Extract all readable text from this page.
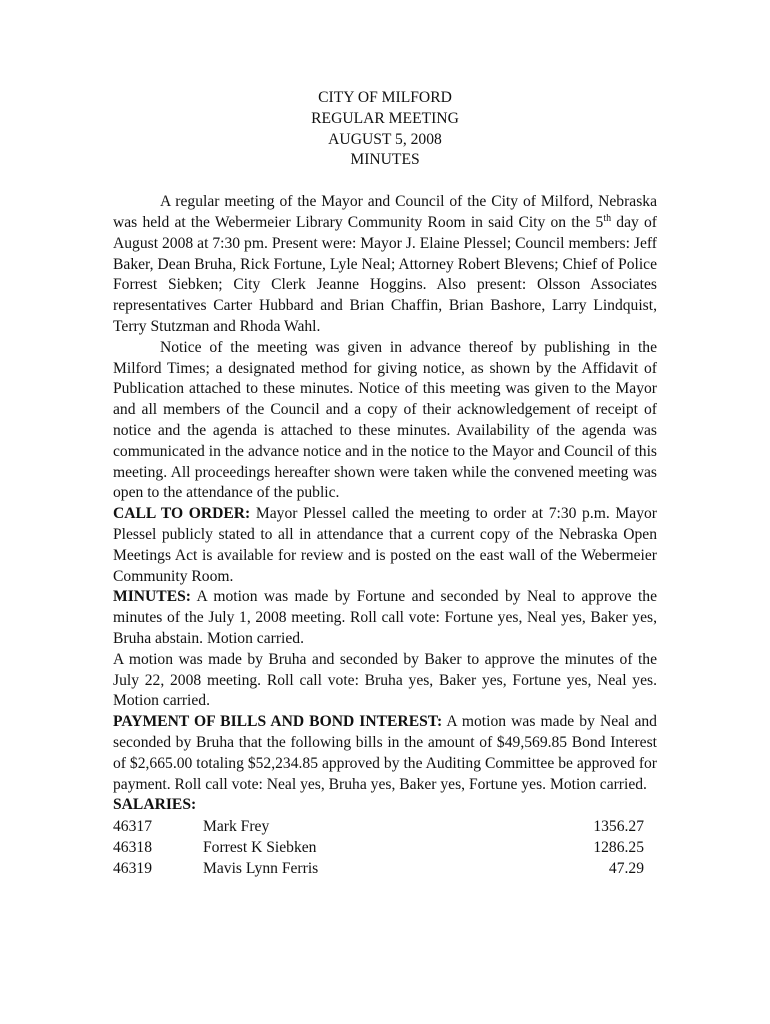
CITY OF MILFORD
REGULAR MEETING
AUGUST 5, 2008
MINUTES

A regular meeting of the Mayor and Council of the City of Milford, Nebraska was held at the Webermeier Library Community Room in said City on the 5th day of August 2008 at 7:30 pm. Present were: Mayor J. Elaine Plessel; Council members: Jeff Baker, Dean Bruha, Rick Fortune, Lyle Neal; Attorney Robert Blevens; Chief of Police Forrest Siebken; City Clerk Jeanne Hoggins. Also present: Olsson Associates representatives Carter Hubbard and Brian Chaffin, Brian Bashore, Larry Lindquist, Terry Stutzman and Rhoda Wahl.

Notice of the meeting was given in advance thereof by publishing in the Milford Times; a designated method for giving notice, as shown by the Affidavit of Publication attached to these minutes. Notice of this meeting was given to the Mayor and all members of the Council and a copy of their acknowledgement of receipt of notice and the agenda is attached to these minutes. Availability of the agenda was communicated in the advance notice and in the notice to the Mayor and Council of this meeting. All proceedings hereafter shown were taken while the convened meeting was open to the attendance of the public.

CALL TO ORDER: Mayor Plessel called the meeting to order at 7:30 p.m. Mayor Plessel publicly stated to all in attendance that a current copy of the Nebraska Open Meetings Act is available for review and is posted on the east wall of the Webermeier Community Room.

MINUTES: A motion was made by Fortune and seconded by Neal to approve the minutes of the July 1, 2008 meeting. Roll call vote: Fortune yes, Neal yes, Baker yes, Bruha abstain. Motion carried.

A motion was made by Bruha and seconded by Baker to approve the minutes of the July 22, 2008 meeting. Roll call vote: Bruha yes, Baker yes, Fortune yes, Neal yes. Motion carried.

PAYMENT OF BILLS AND BOND INTEREST: A motion was made by Neal and seconded by Bruha that the following bills in the amount of $49,569.85 Bond Interest of $2,665.00 totaling $52,234.85 approved by the Auditing Committee be approved for payment. Roll call vote: Neal yes, Bruha yes, Baker yes, Fortune yes. Motion carried.

SALARIES:
46317	Mark Frey	1356.27
46318	Forrest K Siebken	1286.25
46319	Mavis Lynn Ferris	47.29
